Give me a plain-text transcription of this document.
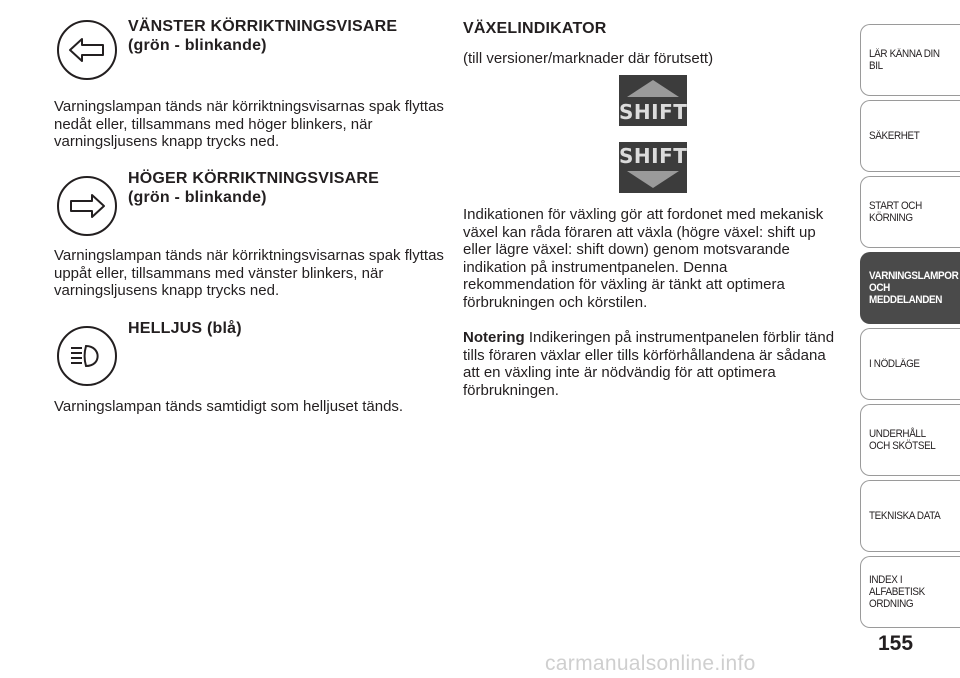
VÄNSTER KÖRRIKTNINGSVISARE
(grön - blinkande)
Varningslampan tänds när körriktningsvisarnas spak flyttas nedåt eller, tillsammans med höger blinkers, när varningsljusens knapp trycks ned.
HÖGER KÖRRIKTNINGSVISARE
(grön - blinkande)
Varningslampan tänds när körriktningsvisarnas spak flyttas uppåt eller, tillsammans med vänster blinkers, när varningsljusens knapp trycks ned.
HELLJUS (blå)
Varningslampan tänds samtidigt som helljuset tänds.
VÄXELINDIKATOR
(till versioner/marknader där förutsett)
SHIFT
SHIFT
Indikationen för växling gör att fordonet med mekanisk växel kan råda föraren att växla (högre växel: shift up eller lägre växel: shift down) genom motsvarande indikation på instrumentpanelen. Denna rekommendation för växling är tänkt att optimera förbrukningen och körstilen.
Notering Indikeringen på instrumentpanelen förblir tänd tills föraren växlar eller tills körförhållandena är sådana att en växling inte är nödvändig för att optimera förbrukningen.
LÄR KÄNNA DIN BIL
SÄKERHET
START OCH KÖRNING
VARNINGSLAMPOR OCH MEDDELANDEN
I NÖDLÄGE
UNDERHÅLL OCH SKÖTSEL
TEKNISKA DATA
INDEX I ALFABETISK ORDNING
155
carmanualsonline.info
